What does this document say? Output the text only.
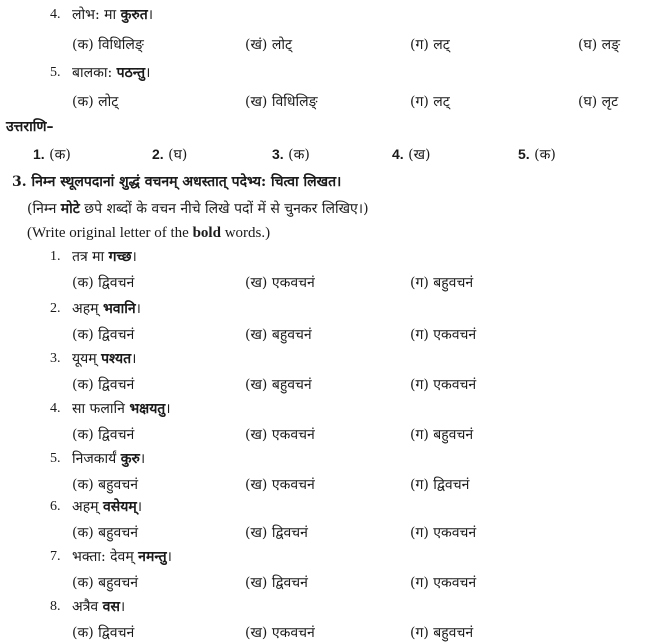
4. लोभ: मा कुरुत।
(क) विधिलिङ्	(खं) लोट्	(ग) लट्	(घ) लङ्
5. बालका: पठन्तु।
(क) लोट्	(ख) विधिलिङ्	(ग) लट्	(घ) लृट
उत्तराणि–
1. (क)	2. (घ)	3. (क)	4. (ख)	5. (क)
3. निम्न स्थूलपदानां शुद्धं वचनम् अधस्तात् पदेभ्य: चित्वा लिखत।
(निम्न मोटे छपे शब्दों के वचन नीचे लिखे पदों में से चुनकर लिखिए।)
(Write original letter of the bold words.)
1. तत्र मा गच्छ।
(क) द्विवचनं	(ख) एकवचनं	(ग) बहुवचनं
2. अहम् भवानि।
(क) द्विवचनं	(ख) बहुवचनं	(ग) एकवचनं
3. यूयम् पश्यत।
(क) द्विवचनं	(ख) बहुवचनं	(ग) एकवचनं
4. सा फलानि भक्षयतु।
(क) द्विवचनं	(ख) एकवचनं	(ग) बहुवचनं
5. निजकार्यं कुरु।
(क) बहुवचनं	(ख) एकवचनं	(ग) द्विवचनं
6. अहम् वसेयम्।
(क) बहुवचनं	(ख) द्विवचनं	(ग) एकवचनं
7. भक्ता: देवम् नमन्तु।
(क) बहुवचनं	(ख) द्विवचनं	(ग) एकवचनं
8. अत्रैव वस।
(क) द्विवचनं	(ख) एकवचनं	(ग) बहुवचनं
